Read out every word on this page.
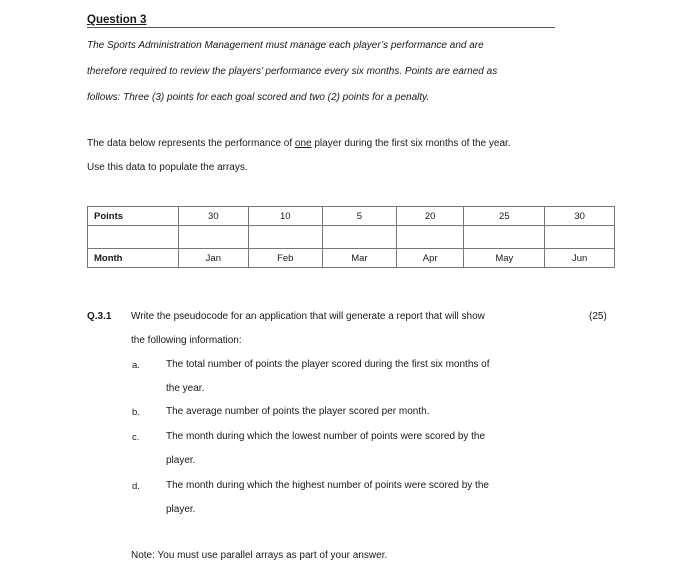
Question 3
The Sports Administration Management must manage each player’s performance and are
therefore required to review the players’ performance every six months. Points are earned as
follows: Three (3) points for each goal scored and two (2) points for a penalty.
The data below represents the performance of one player during the first six months of the year.
Use this data to populate the arrays.
Points	30	10	5	20	25	30

Month	Jan	Feb	Mar	Apr	May	Jun
Q.3.1 Write the pseudocode for an application that will generate a report that will show
the following information:
(25)
a.	The total number of points the player scored during the first six months of
the year.
b.	The average number of points the player scored per month.
c.	The month during which the lowest number of points were scored by the
player.
d.	The month during which the highest number of points were scored by the
player.
Note: You must use parallel arrays as part of your answer.
